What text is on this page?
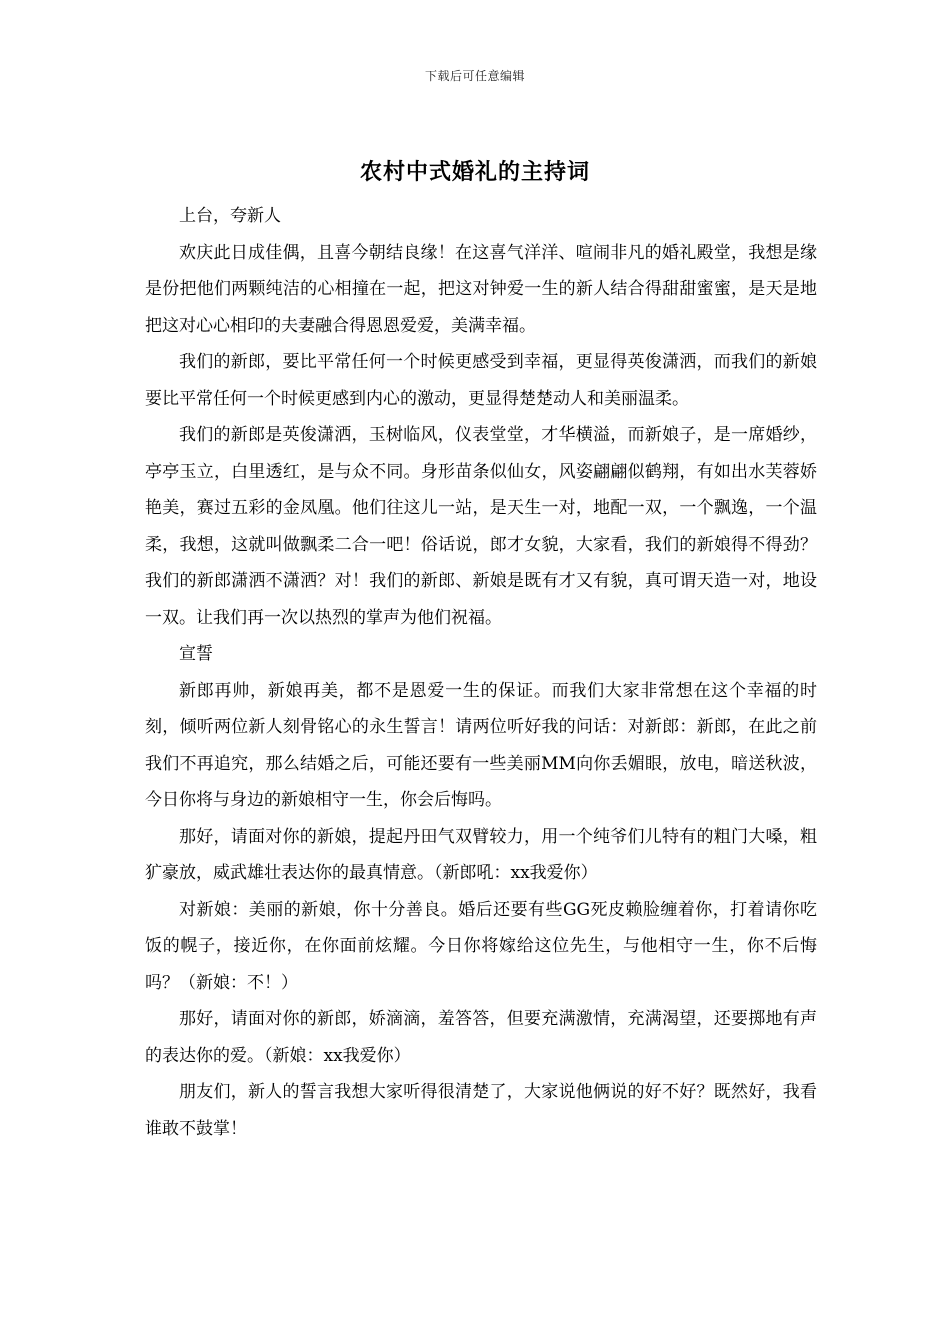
下载后可任意编辑
农村中式婚礼的主持词

上台，夸新人

欢庆此日成佳偶，且喜今朝结良缘！在这喜气洋洋、喧闹非凡的婚礼殿堂，我想是缘是份把他们两颗纯洁的心相撞在一起，把这对钟爱一生的新人结合得甜甜蜜蜜，是天是地把这对心心相印的夫妻融合得恩恩爱爱，美满幸福。

我们的新郎，要比平常任何一个时候更感受到幸福，更显得英俊潇洒，而我们的新娘要比平常任何一个时候更感到内心的激动，更显得楚楚动人和美丽温柔。

我们的新郎是英俊潇洒，玉树临风，仪表堂堂，才华横溢，而新娘子，是一席婚纱，亭亭玉立，白里透红，是与众不同。身形苗条似仙女，风姿翩翩似鹤翔，有如出水芙蓉娇艳美，赛过五彩的金凤凰。他们往这儿一站，是天生一对，地配一双，一个飘逸，一个温柔，我想，这就叫做飘柔二合一吧！俗话说，郎才女貌，大家看，我们的新娘得不得劲？我们的新郎潇洒不潇洒？对！我们的新郎、新娘是既有才又有貌，真可谓天造一对，地设一双。让我们再一次以热烈的掌声为他们祝福。

宣誓

新郎再帅，新娘再美，都不是恩爱一生的保证。而我们大家非常想在这个幸福的时刻，倾听两位新人刻骨铭心的永生誓言！请两位听好我的问话：对新郎：新郎，在此之前我们不再追究，那么结婚之后，可能还要有一些美丽MM向你丢媚眼，放电，暗送秋波，今日你将与身边的新娘相守一生，你会后悔吗。

那好，请面对你的新娘，提起丹田气双臂较力，用一个纯爷们儿特有的粗门大嗓，粗犷豪放，威武雄壮表达你的最真情意。（新郎吼：xx我爱你）

对新娘：美丽的新娘，你十分善良。婚后还要有些GG死皮赖脸缠着你，打着请你吃饭的幌子，接近你，在你面前炫耀。今日你将嫁给这位先生，与他相守一生，你不后悔吗？（新娘：不！）

那好，请面对你的新郎，娇滴滴，羞答答，但要充满激情，充满渴望，还要掷地有声的表达你的爱。（新娘：xx我爱你）

朋友们，新人的誓言我想大家听得很清楚了，大家说他俩说的好不好？既然好，我看谁敢不鼓掌！
